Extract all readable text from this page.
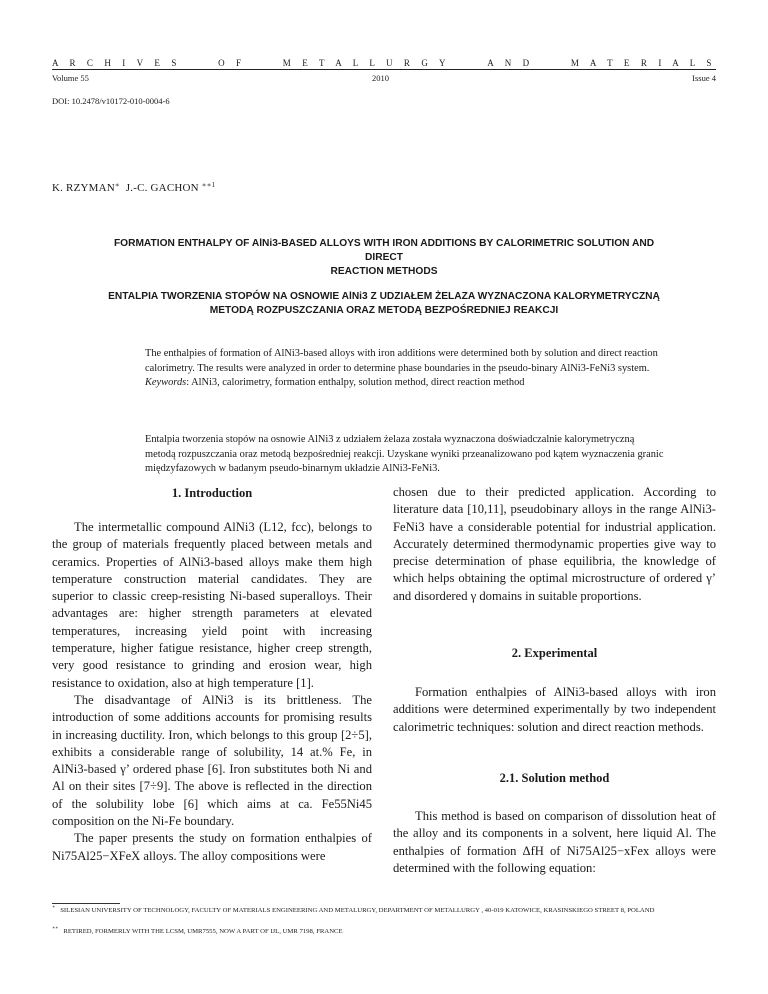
A R C H I V E S	O F	M E T A L L U R G Y	A N D	M A T E R I A L S
Volume 55	2010	Issue 4
DOI: 10.2478/v10172-010-0004-6
K. RZYMAN∗ J.-C. GACHON $^{∗∗1}$
FORMATION ENTHALPY OF AlNi3-BASED ALLOYS WITH IRON ADDITIONS BY CALORIMETRIC SOLUTION AND DIRECT
REACTION METHODS
ENTALPIA TWORZENIA STOPÓW NA OSNOWIE AlNi3 Z UDZIAŁEM ŻELAZA WYZNACZONA KALORYMETRYCZNĄ
METODĄ ROZPUSZCZANIA ORAZ METODĄ BEZPOŚREDNIEJ REAKCJI
The enthalpies of formation of AlNi3-based alloys with iron additions were determined both by solution and direct reaction
calorimetry. The results were analyzed in order to determine phase boundaries in the pseudo-binary AlNi3-FeNi3 system.
Keywords: AlNi3, calorimetry, formation enthalpy, solution method, direct reaction method
Entalpia tworzenia stopów na osnowie AlNi3 z udziałem żelaza została wyznaczona doświadczalnie kalorymetryczną
metodą rozpuszczania oraz metodą bezpośredniej reakcji. Uzyskane wyniki przeanalizowano pod kątem wyznaczenia granic
międzyfazowych w badanym pseudo-binarnym układzie AlNi3-FeNi3.
1. Introduction

The intermetallic compound AlNi3 (L12, fcc), belongs to the group of materials frequently placed between metals and ceramics. Properties of AlNi3-based alloys make them high temperature construction material candidates. They are superior to classic creep-resisting Ni-based superalloys. Their advantages are: higher strength parameters at elevated temperatures, increasing yield point with increasing temperature, higher fatigue resistance, higher creep strength, very good resistance to grinding and erosion wear, high resistance to oxidation, also at high temperature [1].

The disadvantage of AlNi3 is its brittleness. The introduction of some additions accounts for promising results in increasing ductility. Iron, which belongs to this group [2÷5], exhibits a considerable range of solubility, 14 at.% Fe, in AlNi3-based γ’ ordered phase [6]. Iron substitutes both Ni and Al on their sites [7÷9]. The above is reflected in the direction of the solubility lobe [6] which aims at ca. Fe55Ni45 composition on the Ni-Fe boundary.

The paper presents the study on formation enthalpies of Ni75Al25−XFeX alloys. The alloy compositions were

chosen due to their predicted application. According to literature data [10,11], pseudobinary alloys in the range AlNi3-FeNi3 have a considerable potential for industrial application. Accurately determined thermodynamic properties give way to precise determination of phase equilibria, the knowledge of which helps obtaining the optimal microstructure of ordered γ’ and disordered γ domains in suitable proportions.

2. Experimental

Formation enthalpies of AlNi3-based alloys with iron additions were determined experimentally by two independent calorimetric techniques: solution and direct reaction methods.

2.1. Solution method

This method is based on comparison of dissolution heat of the alloy and its components in a solvent, here liquid Al. The enthalpies of formation ΔfH of Ni75Al25−xFex alloys were determined with the following equation:

∗ SILESIAN UNIVERSITY OF TECHNOLOGY, FACULTY OF MATERIALS ENGINEERING AND METALURGY, DEPARTMENT OF METALLURGY , 40-019 KATOWICE, KRASINSKIEGO STREET 8, POLAND
∗∗ RETIRED, FORMERLY WITH THE LCSM, UMR7555, NOW A PART OF IJL, UMR 7198, FRANCE
